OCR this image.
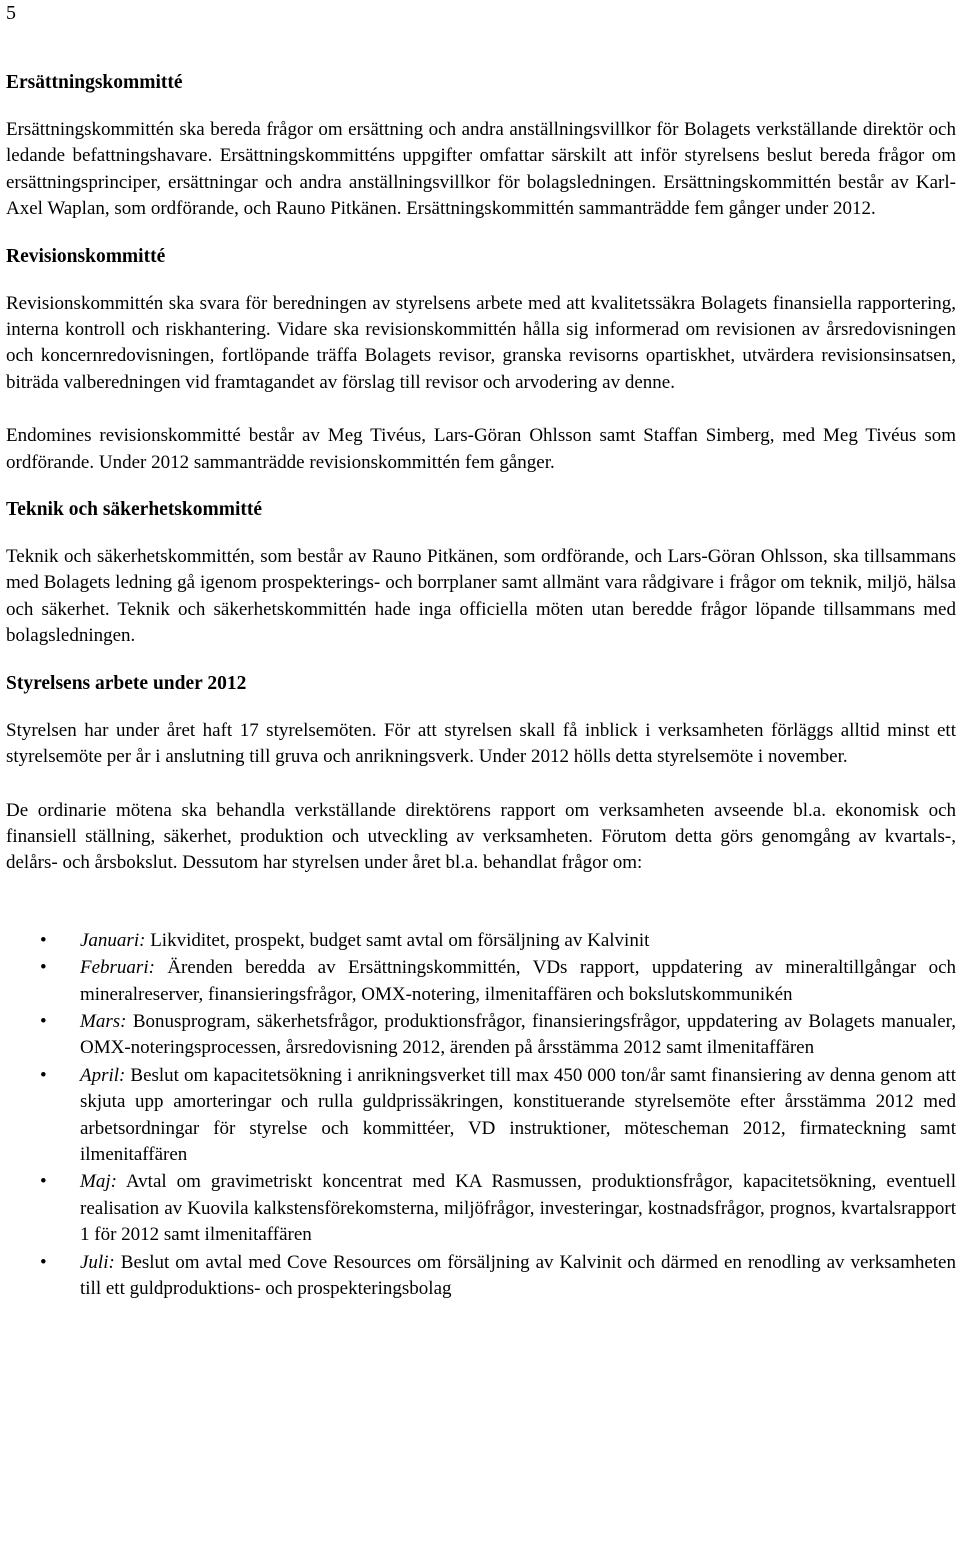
5
Ersättningskommitté

Ersättningskommittén ska bereda frågor om ersättning och andra anställningsvillkor för Bolagets verkställande direktör och ledande befattningshavare. Ersättningskommitténs uppgifter omfattar särskilt att inför styrelsens beslut bereda frågor om ersättningsprinciper, ersättningar och andra anställningsvillkor för bolagsledningen. Ersättningskommittén består av Karl-Axel Waplan, som ordförande, och Rauno Pitkänen. Ersättningskommittén sammanträdde fem gånger under 2012.

Revisionskommitté

Revisionskommittén ska svara för beredningen av styrelsens arbete med att kvalitetssäkra Bolagets finansiella rapportering, interna kontroll och riskhantering. Vidare ska revisionskommittén hålla sig informerad om revisionen av årsredovisningen och koncernredovisningen, fortlöpande träffa Bolagets revisor, granska revisorns opartiskhet, utvärdera revisionsinsatsen, biträda valberedningen vid framtagandet av förslag till revisor och arvodering av denne.

Endomines revisionskommitté består av Meg Tivéus, Lars-Göran Ohlsson samt Staffan Simberg, med Meg Tivéus som ordförande. Under 2012 sammanträdde revisionskommittén fem gånger.

Teknik och säkerhetskommitté

Teknik och säkerhetskommittén, som består av Rauno Pitkänen, som ordförande, och Lars-Göran Ohlsson, ska tillsammans med Bolagets ledning gå igenom prospekterings- och borrplaner samt allmänt vara rådgivare i frågor om teknik, miljö, hälsa och säkerhet. Teknik och säkerhetskommittén hade inga officiella möten utan beredde frågor löpande tillsammans med bolagsledningen.

Styrelsens arbete under 2012

Styrelsen har under året haft 17 styrelsemöten. För att styrelsen skall få inblick i verksamheten förläggs alltid minst ett styrelsemöte per år i anslutning till gruva och anrikningsverk. Under 2012 hölls detta styrelsemöte i november.

De ordinarie mötena ska behandla verkställande direktörens rapport om verksamheten avseende bl.a. ekonomisk och finansiell ställning, säkerhet, produktion och utveckling av verksamheten. Förutom detta görs genomgång av kvartals-, delårs- och årsbokslut. Dessutom har styrelsen under året bl.a. behandlat frågor om:

• Januari: Likviditet, prospekt, budget samt avtal om försäljning av Kalvinit
• Februari: Ärenden beredda av Ersättningskommittén, VDs rapport, uppdatering av mineraltillgångar och mineralreserver, finansieringsfrågor, OMX-notering, ilmenitaffären och bokslutskommunikén
• Mars: Bonusprogram, säkerhetsfrågor, produktionsfrågor, finansieringsfrågor, uppdatering av Bolagets manualer, OMX-noteringsprocessen, årsredovisning 2012, ärenden på årsstämma 2012 samt ilmenitaffären
• April: Beslut om kapacitetsökning i anrikningsverket till max 450 000 ton/år samt finansiering av denna genom att skjuta upp amorteringar och rulla guldprissäkringen, konstituerande styrelsemöte efter årsstämma 2012 med arbetsordningar för styrelse och kommittéer, VD instruktioner, mötescheman 2012, firmateckning samt ilmenitaffären
• Maj: Avtal om gravimetriskt koncentrat med KA Rasmussen, produktionsfrågor, kapacitetsökning, eventuell realisation av Kuovila kalkstensförekomsterna, miljöfrågor, investeringar, kostnadsfrågor, prognos, kvartalsrapport 1 för 2012 samt ilmenitaffären
• Juli: Beslut om avtal med Cove Resources om försäljning av Kalvinit och därmed en renodling av verksamheten till ett guldproduktions- och prospekteringsbolag
